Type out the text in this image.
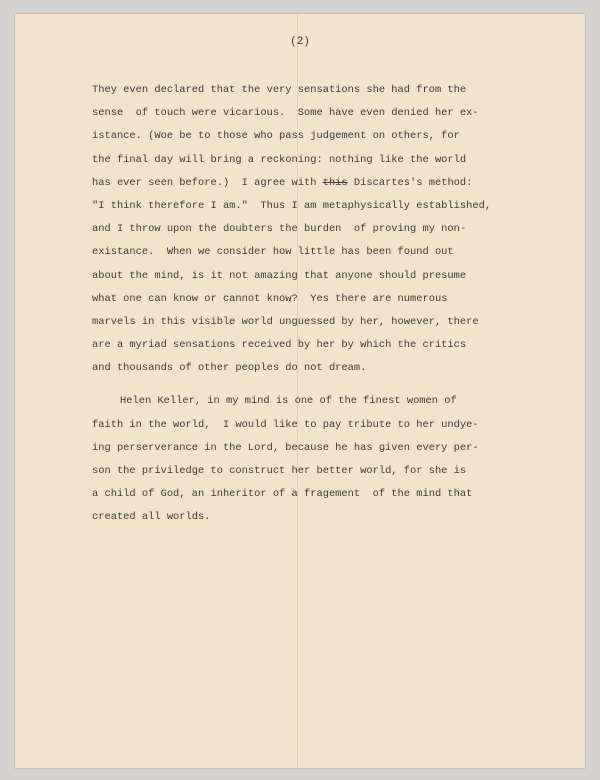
(2)
They even declared that the very sensations she had from the
sense  of touch were vicarious.  Some have even denied her ex-
istance. (Woe be to those who pass judgement on others, for
the final day will bring a reckoning: nothing like the world
has ever seen before.)  I agree with this Discartes's method:
"I think therefore I am."  Thus I am metaphysically established,
and I throw upon the doubters the burden  of proving my non-
existance.  When we consider how little has been found out
about the mind, is it not amazing that anyone should presume
what one can know or cannot know?  Yes there are numerous
marvels in this visible world unguessed by her, however, there
are a myriad sensations received by her by which the critics
and thousands of other peoples do not dream.
Helen Keller, in my mind is one of the finest women of
faith in the world,  I would like to pay tribute to her undye-
ing perserverance in the Lord, because he has given every per-
son the priviledge to construct her better world, for she is
a child of God, an inheritor of a fragement  of the mind that
created all worlds.
